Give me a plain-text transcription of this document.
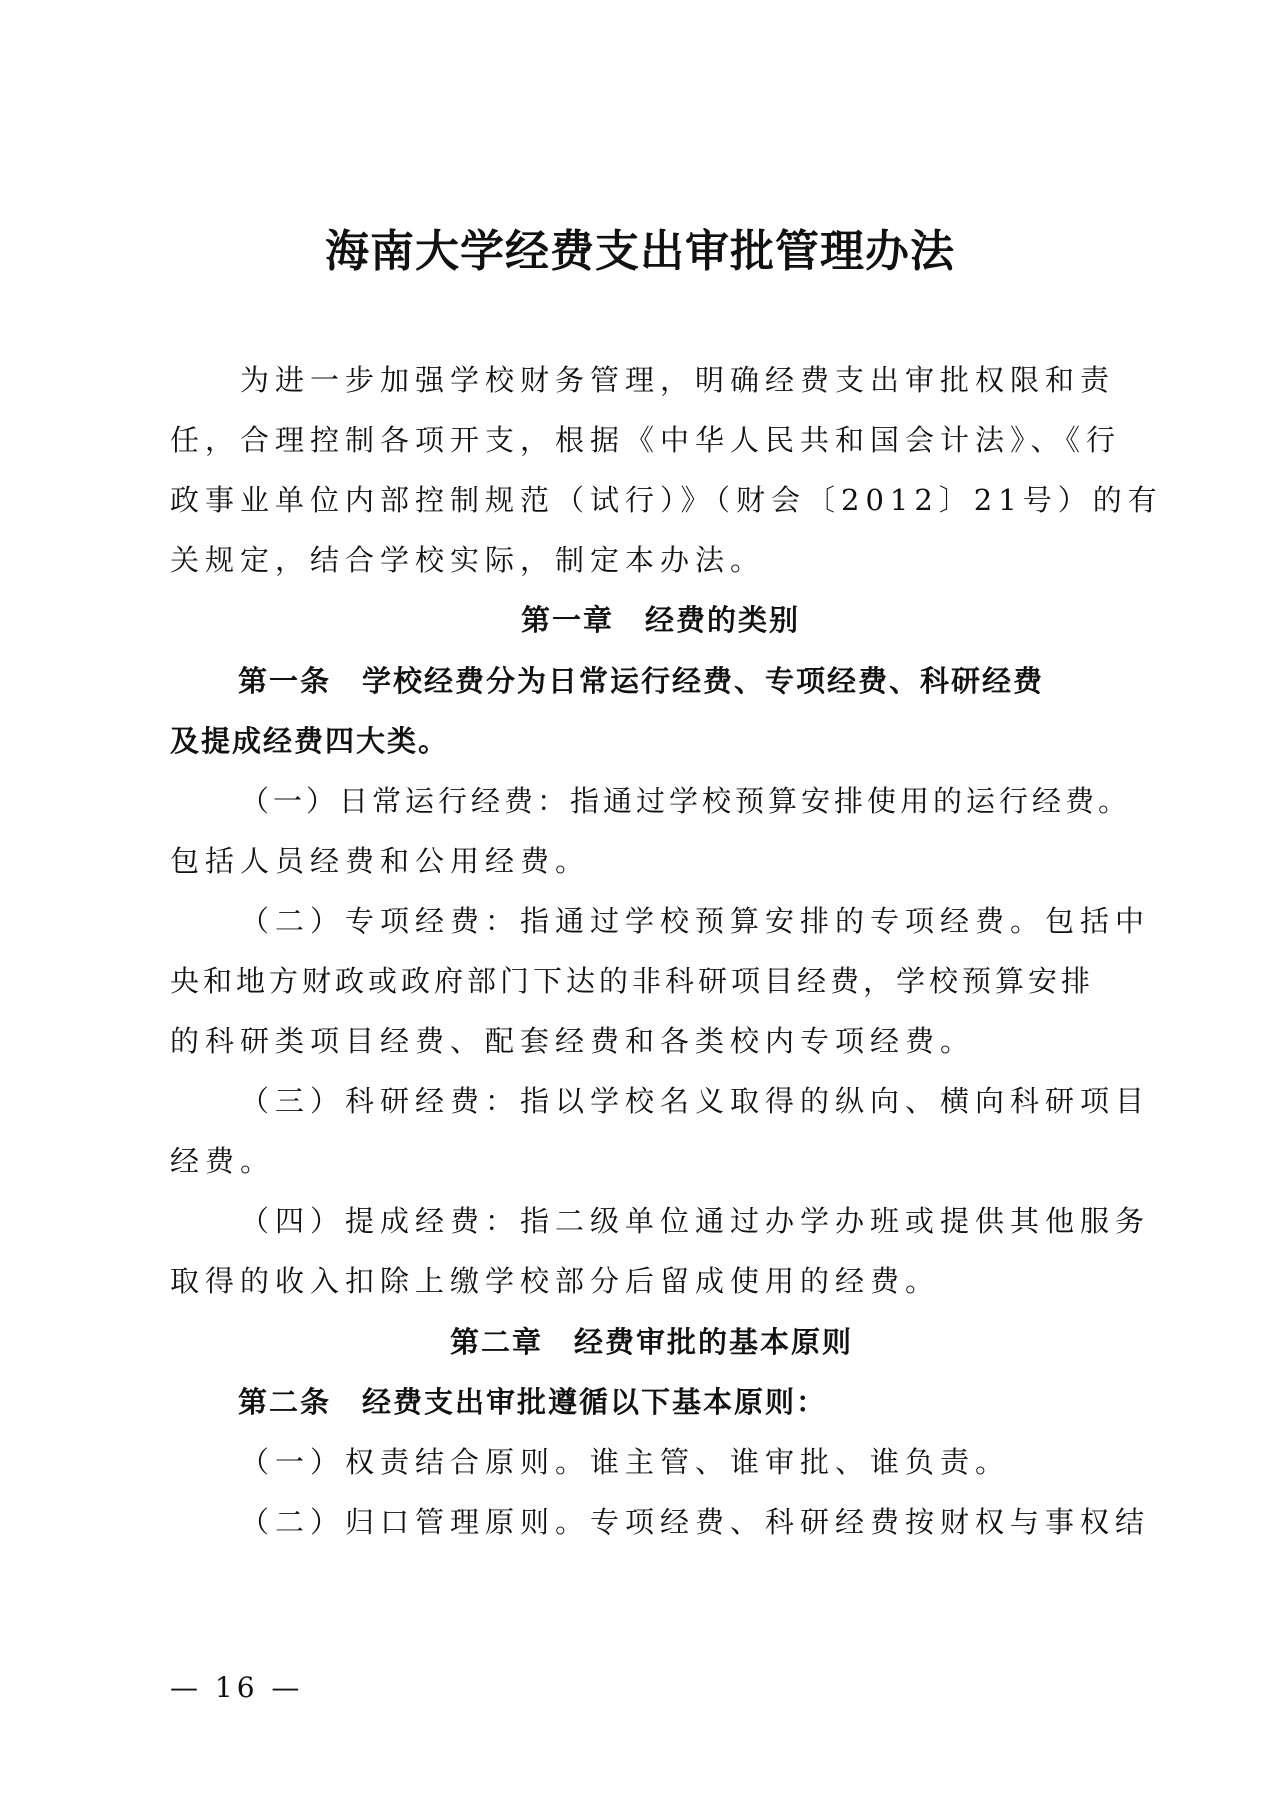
海南大学经费支出审批管理办法
为进一步加强学校财务管理，明确经费支出审批权限和责
任，合理控制各项开支，根据《中华人民共和国会计法》、《行
政事业单位内部控制规范（试行）》（财会〔2012〕21号）的有
关规定，结合学校实际，制定本办法。
第一章　经费的类别
第一条　学校经费分为日常运行经费、专项经费、科研经费
及提成经费四大类。
（一）日常运行经费：指通过学校预算安排使用的运行经费。
包括人员经费和公用经费。
（二）专项经费：指通过学校预算安排的专项经费。包括中
央和地方财政或政府部门下达的非科研项目经费，学校预算安排
的科研类项目经费、配套经费和各类校内专项经费。
（三）科研经费：指以学校名义取得的纵向、横向科研项目
经费。
（四）提成经费：指二级单位通过办学办班或提供其他服务
取得的收入扣除上缴学校部分后留成使用的经费。
第二章　经费审批的基本原则
第二条　经费支出审批遵循以下基本原则：
（一）权责结合原则。谁主管、谁审批、谁负责。
（二）归口管理原则。专项经费、科研经费按财权与事权结
— 16 —
